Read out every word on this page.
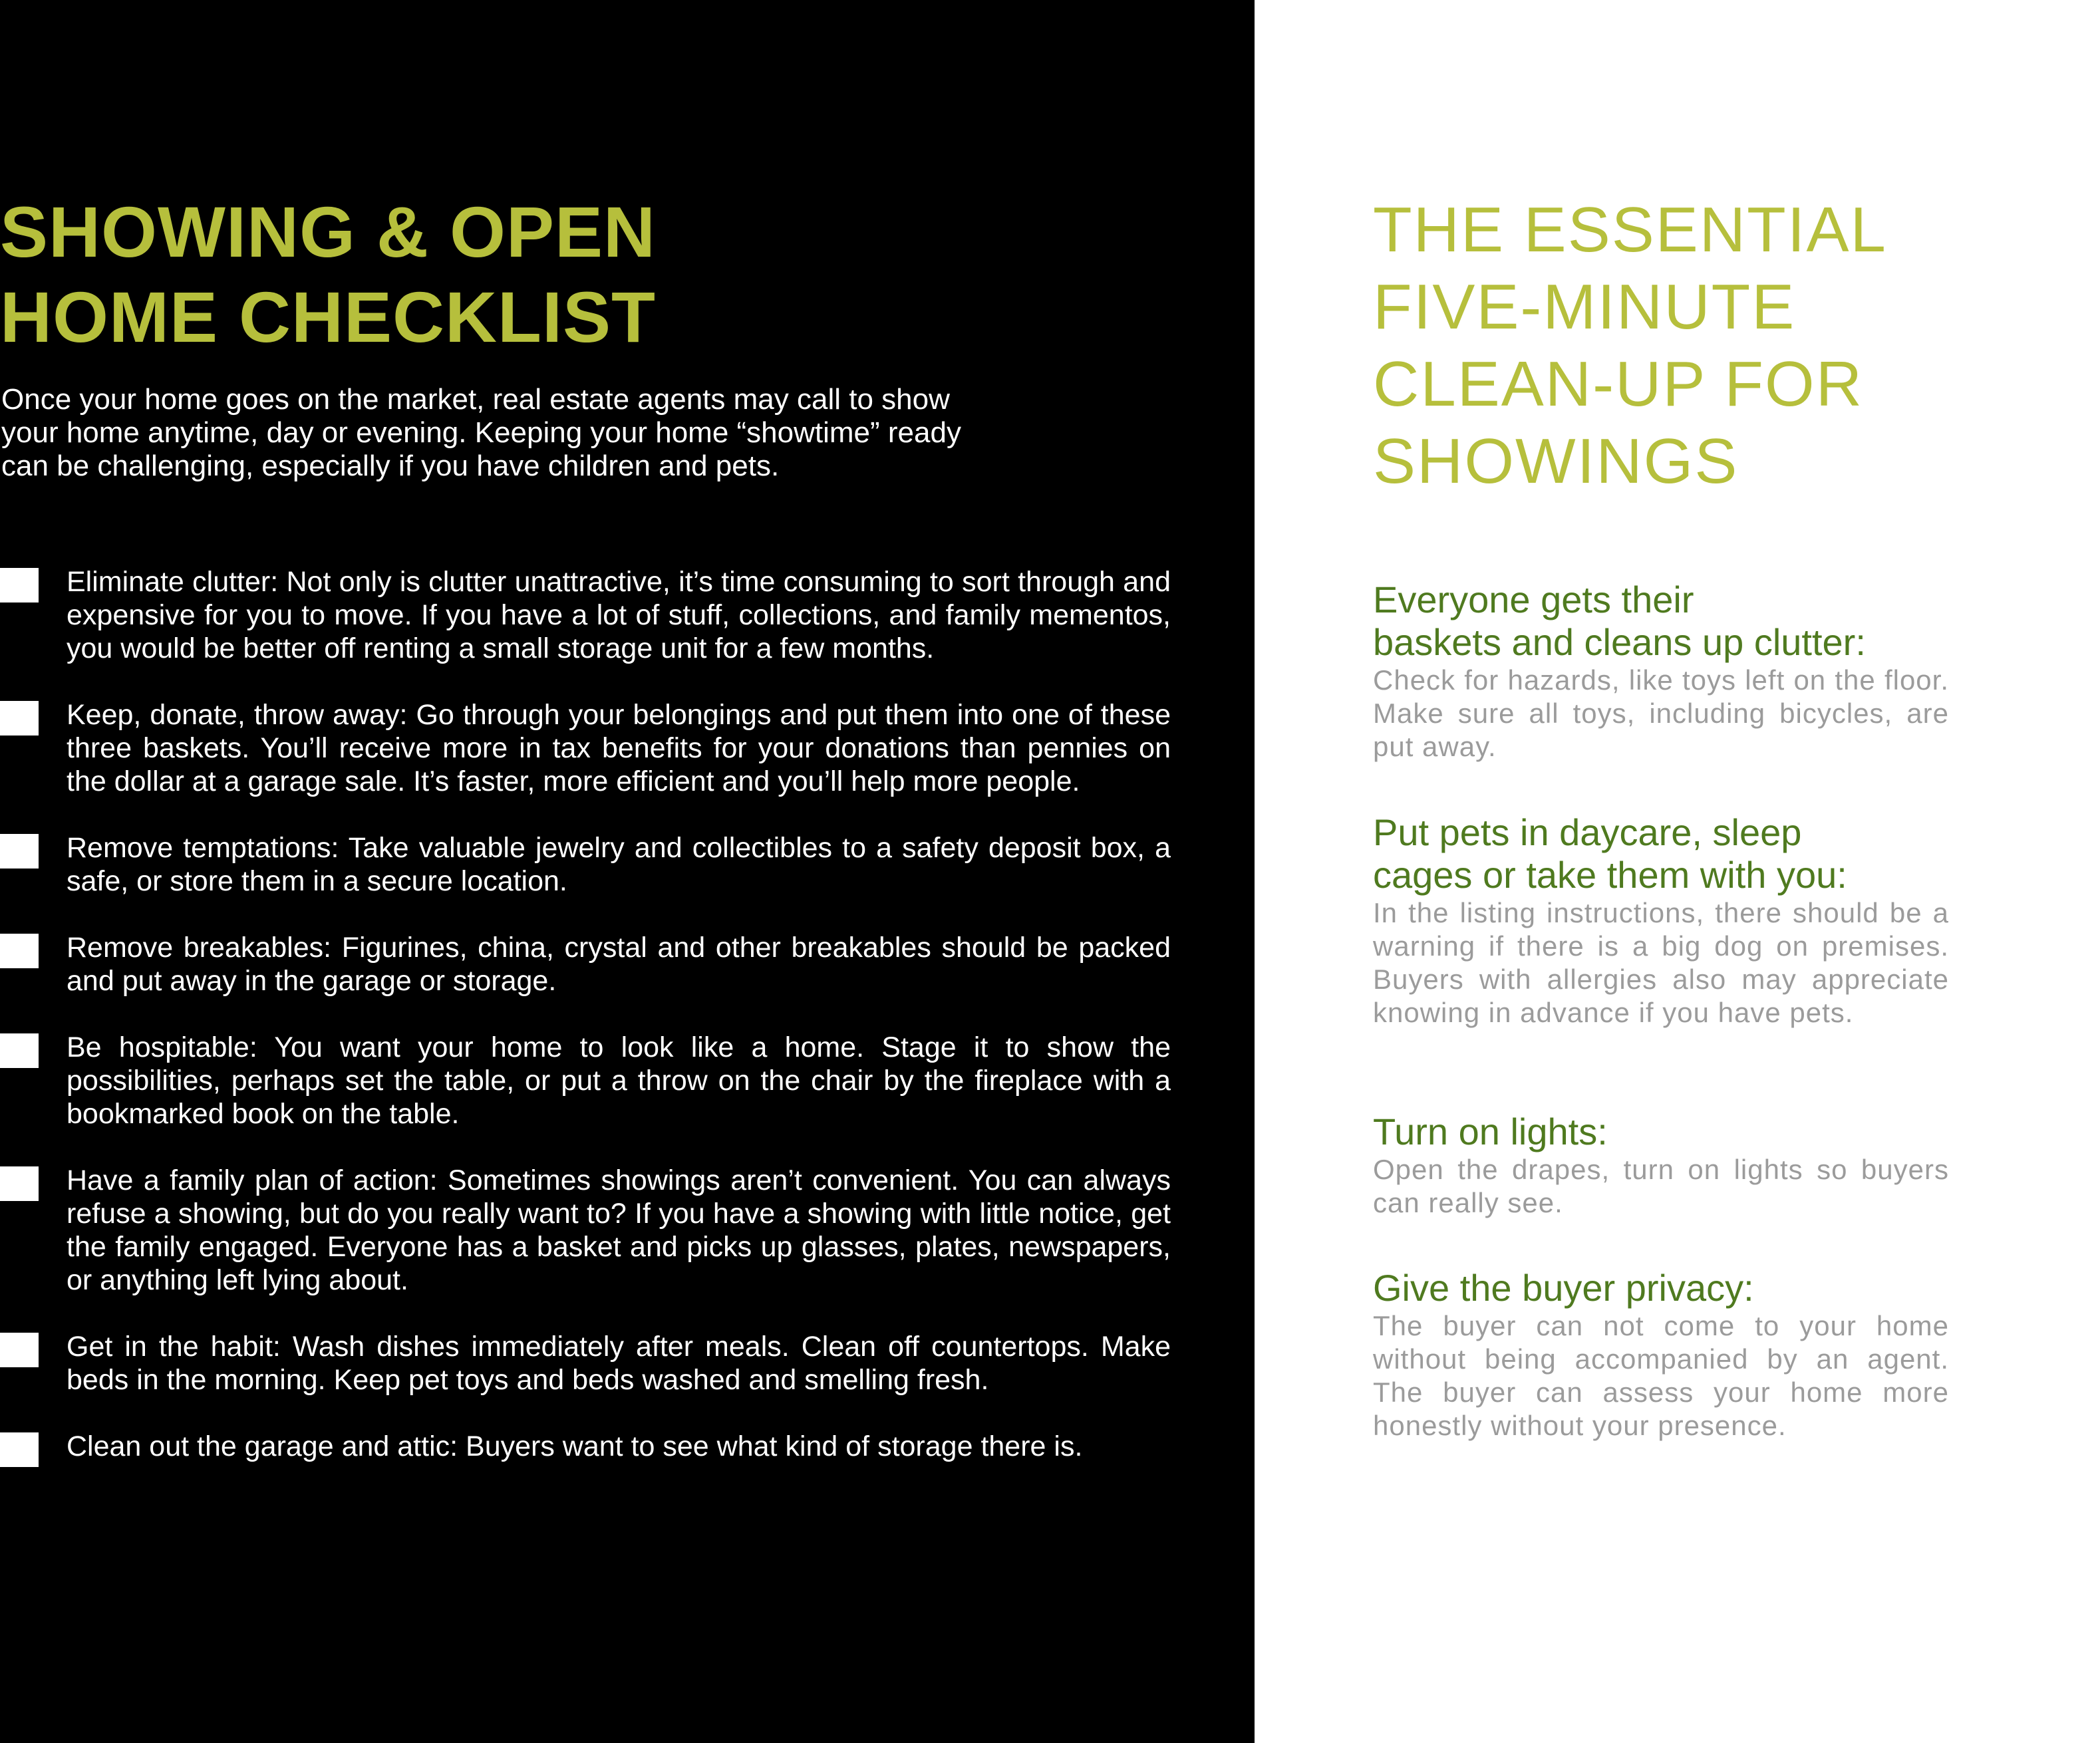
SHOWING & OPEN
HOME CHECKLIST

Once your home goes on the market, real estate agents may call to show
your home anytime, day or evening. Keeping your home “showtime” ready
can be challenging, especially if you have children and pets.

Eliminate clutter: Not only is clutter unattractive, it’s time consuming to sort through and expensive for you to move. If you have a lot of stuff, collections, and family mementos, you would be better off renting a small storage unit for a few months.
Keep, donate, throw away: Go through your belongings and put them into one of these three baskets. You’ll receive more in tax benefits for your donations than pennies on the dollar at a garage sale. It’s faster, more efficient and you’ll help more people.
Remove temptations: Take valuable jewelry and collectibles to a safety deposit box, a safe, or store them in a secure location.
Remove breakables: Figurines, china, crystal and other breakables should be packed and put away in the garage or storage.
Be hospitable: You want your home to look like a home. Stage it to show the possibilities, perhaps set the table, or put a throw on the chair by the fireplace with a bookmarked book on the table.
Have a family plan of action: Sometimes showings aren’t convenient. You can always refuse a showing, but do you really want to? If you have a showing with little notice, get the family engaged. Everyone has a basket and picks up glasses, plates, newspapers, or anything left lying about.
Get in the habit: Wash dishes immediately after meals. Clean off countertops. Make beds in the morning. Keep pet toys and beds washed and smelling fresh.
Clean out the garage and attic: Buyers want to see what kind of storage there is.
THE ESSENTIAL
FIVE-MINUTE
CLEAN-UP FOR
SHOWINGS
Everyone gets their
baskets and cleans up clutter:

Check for hazards, like toys left on the floor. Make sure all toys, including bicycles, are put away.

Put pets in daycare, sleep
cages or take them with you:

In the listing instructions, there should be a warning if there is a big dog on premises. Buyers with allergies also may appreciate knowing in advance if you have pets.

Turn on lights:

Open the drapes, turn on lights so buyers can really see.

Give the buyer privacy:

The buyer can not come to your home without being accompanied by an agent. The buyer can assess your home more honestly without your presence.
